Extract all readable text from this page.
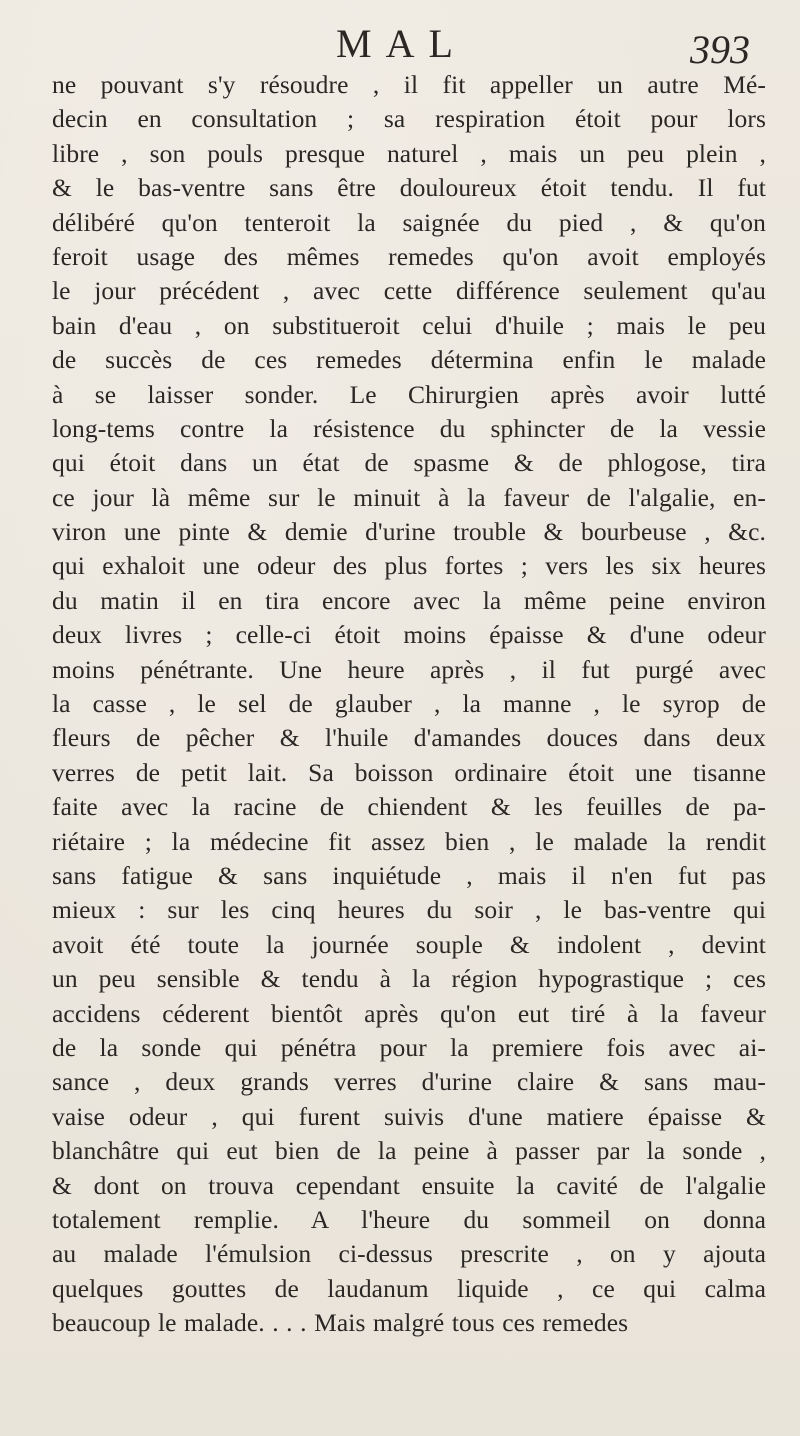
MAL	393
ne pouvant s'y résoudre , il fit appeller un autre Mé-
decin en consultation ; sa respiration étoit pour lors
libre , son pouls presque naturel , mais un peu plein ,
& le bas-ventre sans être douloureux étoit tendu. Il fut
délibéré qu'on tenteroit la saignée du pied , & qu'on
feroit usage des mêmes remedes qu'on avoit employés
le jour précédent , avec cette différence seulement qu'au
bain d'eau , on substitueroit celui d'huile ; mais le peu
de succès de ces remedes détermina enfin le malade
à se laisser sonder. Le Chirurgien après avoir lutté
long-tems contre la résistence du sphincter de la vessie
qui étoit dans un état de spasme & de phlogose, tira
ce jour là même sur le minuit à la faveur de l'algalie, en-
viron une pinte & demie d'urine trouble & bourbeuse , &c.
qui exhaloit une odeur des plus fortes ; vers les six heures
du matin il en tira encore avec la même peine environ
deux livres ; celle-ci étoit moins épaisse & d'une odeur
moins pénétrante. Une heure après , il fut purgé avec
la casse , le sel de glauber , la manne , le syrop de
fleurs de pêcher & l'huile d'amandes douces dans deux
verres de petit lait. Sa boisson ordinaire étoit une tisanne
faite avec la racine de chiendent & les feuilles de pa-
riétaire ; la médecine fit assez bien , le malade la rendit
sans fatigue & sans inquiétude , mais il n'en fut pas
mieux : sur les cinq heures du soir , le bas-ventre qui
avoit été toute la journée souple & indolent , devint
un peu sensible & tendu à la région hypograstique ; ces
accidens céderent bientôt après qu'on eut tiré à la faveur
de la sonde qui pénétra pour la premiere fois avec ai-
sance , deux grands verres d'urine claire & sans mau-
vaise odeur , qui furent suivis d'une matiere épaisse &
blanchâtre qui eut bien de la peine à passer par la sonde ,
& dont on trouva cependant ensuite la cavité de l'algalie
totalement remplie. A l'heure du sommeil on donna
au malade l'émulsion ci-dessus prescrite , on y ajouta
quelques gouttes de laudanum liquide , ce qui calma
beaucoup le malade. . . . Mais malgré tous ces remedes
